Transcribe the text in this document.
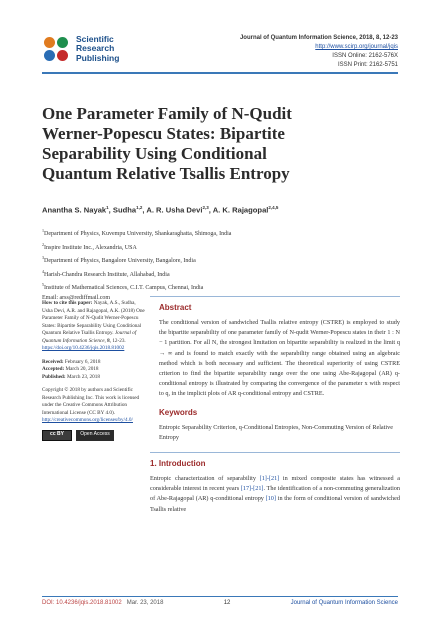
Scientific
Research
Publishing
Journal of Quantum Information Science, 2018, 8, 12-23
http://www.scirp.org/journal/jqis
ISSN Online: 2162-576X
ISSN Print: 2162-5751
One Parameter Family of N-Qudit
Werner-Popescu States: Bipartite
Separability Using Conditional
Quantum Relative Tsallis Entropy
Anantha S. Nayak$^1$, Sudha$^{1,2}$, A. R. Usha Devi$^{2,3}$, A. K. Rajagopal$^{2,4,5}$
$^1$Department of Physics, Kuvempu University, Shankaraghatta, Shimoga, India
$^2$Inspire Institute Inc., Alexandria, USA
$^3$Department of Physics, Bangalore University, Bangalore, India
$^4$Harish-Chandra Research Institute, Allahabad, India
$^5$Institute of Mathematical Sciences, C.I.T. Campus, Chennai, India
Email: arss@rediffmail.com
How to cite this paper: Nayak, A.S., Sudha, Usha Devi, A.R. and Rajagopal, A.K. (2018) One Parameter Family of N-Qudit Werner-Popescu States: Bipartite Separability Using Conditional Quantum Relative Tsallis Entropy. Journal of Quantum Information Science, 8, 12-23. https://doi.org/10.4236/jqis.2018.81002
Received: February 6, 2018
Accepted: March 20, 2018
Published: March 23, 2018
Copyright © 2018 by authors and Scientific Research Publishing Inc. This work is licensed under the Creative Commons Attribution International License (CC BY 4.0).
http://creativecommons.org/licenses/by/4.0/
cc BY	Open Access
Abstract
The conditional version of sandwiched Tsallis relative entropy (CSTRE) is employed to study the bipartite separability of one parameter family of N-qudit Werner-Popescu states in their 1 : N − 1 partition. For all N, the strongest limitation on bipartite separability is realized in the limit q → ∞ and is found to match exactly with the separability range obtained using an algebraic method which is both necessary and sufficient. The theoretical superiority of using CSTRE criterion to find the bipartite separability range over the one using Abe-Rajagopal (AR) q-conditional entropy is illustrated by comparing the convergence of the parameter x with respect to q, in the implicit plots of AR q-conditional entropy and CSTRE.
Keywords
Entropic Separability Criterion, q-Conditional Entropies, Non-Commuting Version of Relative Entropy
1. Introduction
Entropic characterization of separability [1]-[21] in mixed composite states has witnessed a considerable interest in recent years [17]-[21]. The identification of a non-commuting generalization of Abe-Rajagopal (AR) q-conditional entropy [10] in the form of conditional version of sandwiched Tsallis relative
DOI: 10.4236/jqis.2018.81002 Mar. 23, 2018	12	Journal of Quantum Information Science
